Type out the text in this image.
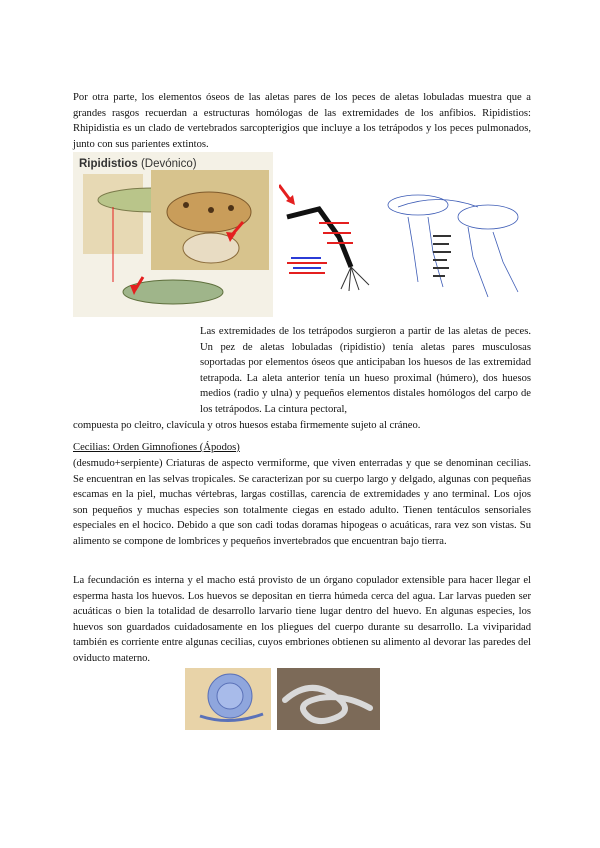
Por otra parte, los elementos óseos de las aletas pares de los peces de aletas lobuladas muestra que a grandes rasgos recuerdan a estructuras homólogas de las extremidades de los anfibios. Ripidistios: Rhipidistia es un clado de vertebrados sarcopterigios que incluye a los tetrápodos y los peces pulmonados, junto con sus parientes extintos.

Ripidistios (Devónico)

Las extremidades de los tetrápodos surgieron a partir de las aletas de peces. Un pez de aletas lobuladas (ripidistio) tenía aletas pares musculosas soportadas por elementos óseos que anticipaban los huesos de las extremidad tetrapoda. La aleta anterior tenía un hueso proximal (húmero), dos huesos medios (radio y ulna) y pequeños elementos distales homólogos del carpo de los tetrápodos. La cintura pectoral,

compuesta po cleitro, clavícula y otros huesos estaba firmemente sujeto al cráneo.

Cecilias: Orden Gimnofiones (Ápodos)

(desmudo+serpiente) Criaturas de aspecto vermiforme, que viven enterradas y que se denominan cecilias. Se encuentran en las selvas tropicales. Se caracterizan por su cuerpo largo y delgado, algunas con pequeñas escamas en la piel, muchas vértebras, largas costillas, carencia de extremidades y ano terminal. Los ojos son pequeños y muchas especies son totalmente ciegas en estado adulto. Tienen tentáculos sensoriales especiales en el hocico. Debido a que son cadi todas doramas hipogeas o acuáticas, rara vez son vistas. Su alimento se compone de lombrices y pequeños invertebrados que encuentran bajo tierra.

La fecundación es interna y el macho está provisto de un órgano copulador extensible para hacer llegar el esperma hasta los huevos. Los huevos se depositan en tierra húmeda cerca del agua. Lar larvas pueden ser acuáticas o bien la totalidad de desarrollo larvario tiene lugar dentro del huevo. En algunas especies, los huevos son guardados cuidadosamente en los pliegues del cuerpo durante su desarrollo. La viviparidad también es corriente entre algunas cecilias, cuyos embriones obtienen su alimento al devorar las paredes del oviducto materno.
